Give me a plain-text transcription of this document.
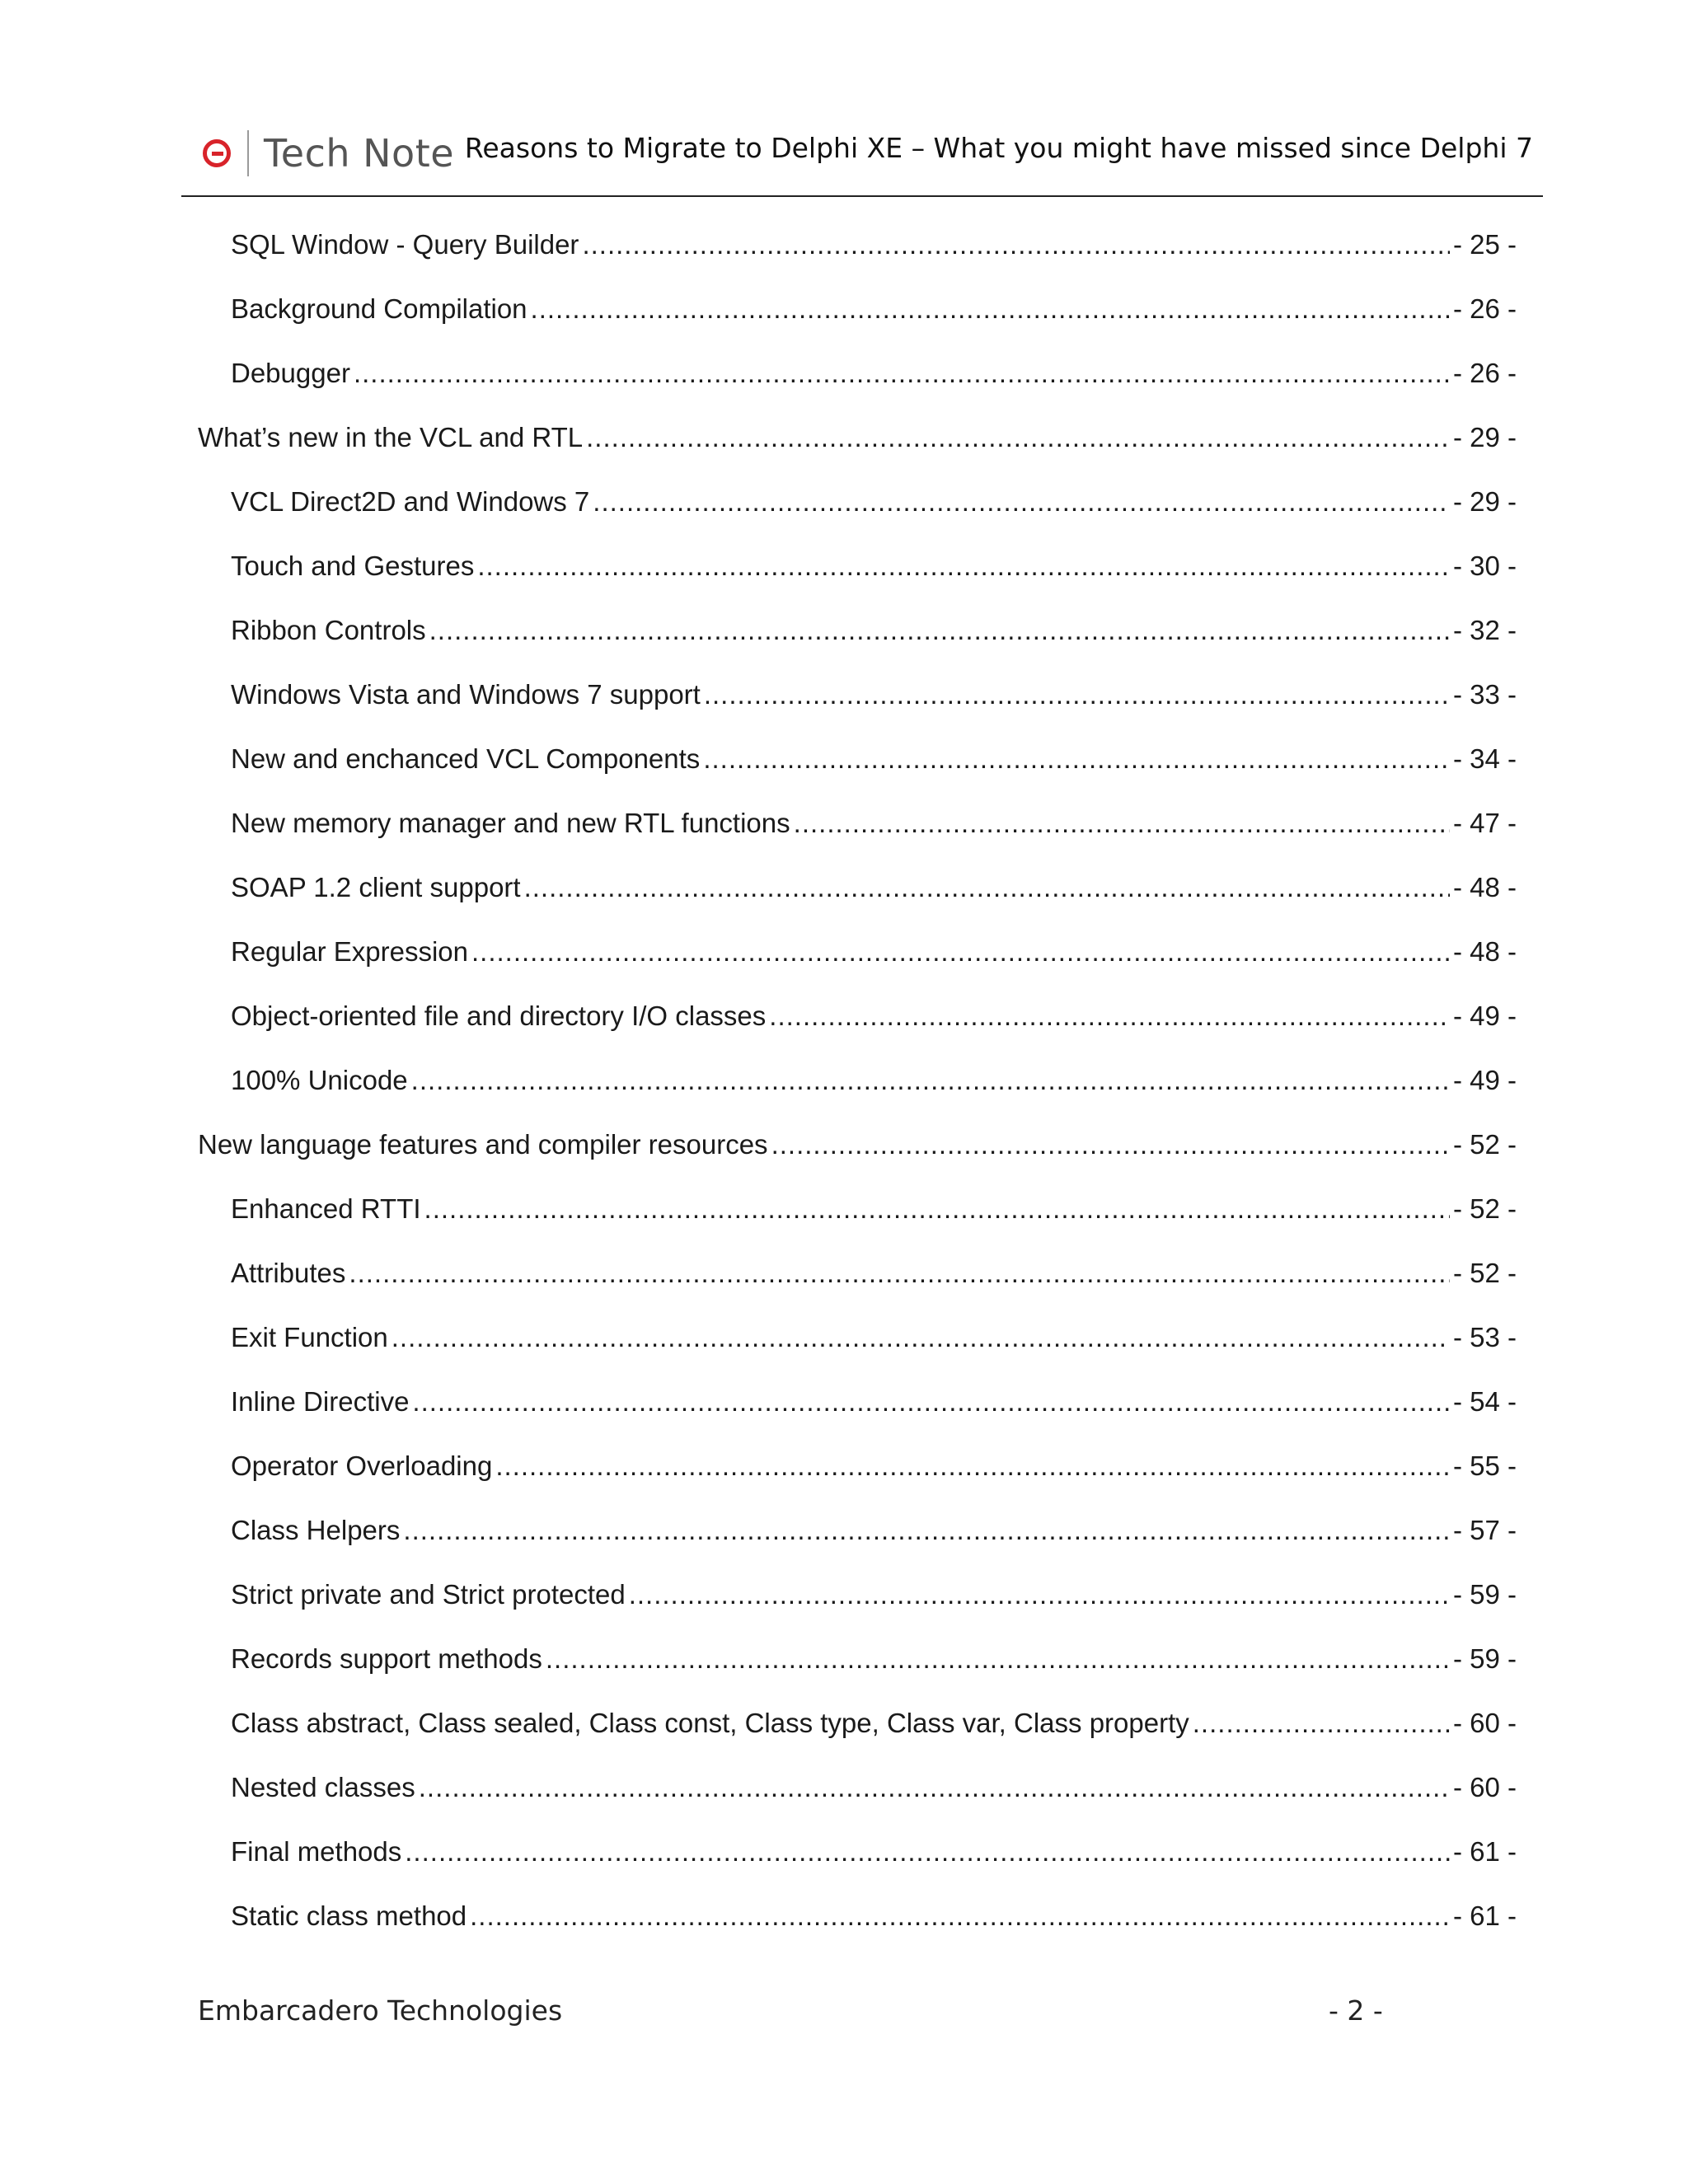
Tech Note Reasons to Migrate to Delphi XE – What you might have missed since Delphi 7
SQL Window - Query Builder .....	- 25 -
Background Compilation .....	- 26 -
Debugger .....	- 26 -
What’s new in the VCL and RTL .....	- 29 -
VCL Direct2D and Windows 7 .....	- 29 -
Touch and Gestures .....	- 30 -
Ribbon Controls .....	- 32 -
Windows Vista and Windows 7 support .....	- 33 -
New and enchanced VCL Components .....	- 34 -
New memory manager and new RTL functions .....	- 47 -
SOAP 1.2 client support .....	- 48 -
Regular Expression .....	- 48 -
Object-oriented file and directory I/O classes .....	- 49 -
100% Unicode .....	- 49 -
New language features and compiler resources .....	- 52 -
Enhanced RTTI .....	- 52 -
Attributes .....	- 52 -
Exit Function .....	- 53 -
Inline Directive .....	- 54 -
Operator Overloading .....	- 55 -
Class Helpers .....	- 57 -
Strict private and Strict protected .....	- 59 -
Records support methods .....	- 59 -
Class abstract, Class sealed, Class const, Class type, Class var, Class property .....	- 60 -
Nested classes .....	- 60 -
Final methods .....	- 61 -
Static class method .....	- 61 -
Embarcadero Technologies	- 2 -
